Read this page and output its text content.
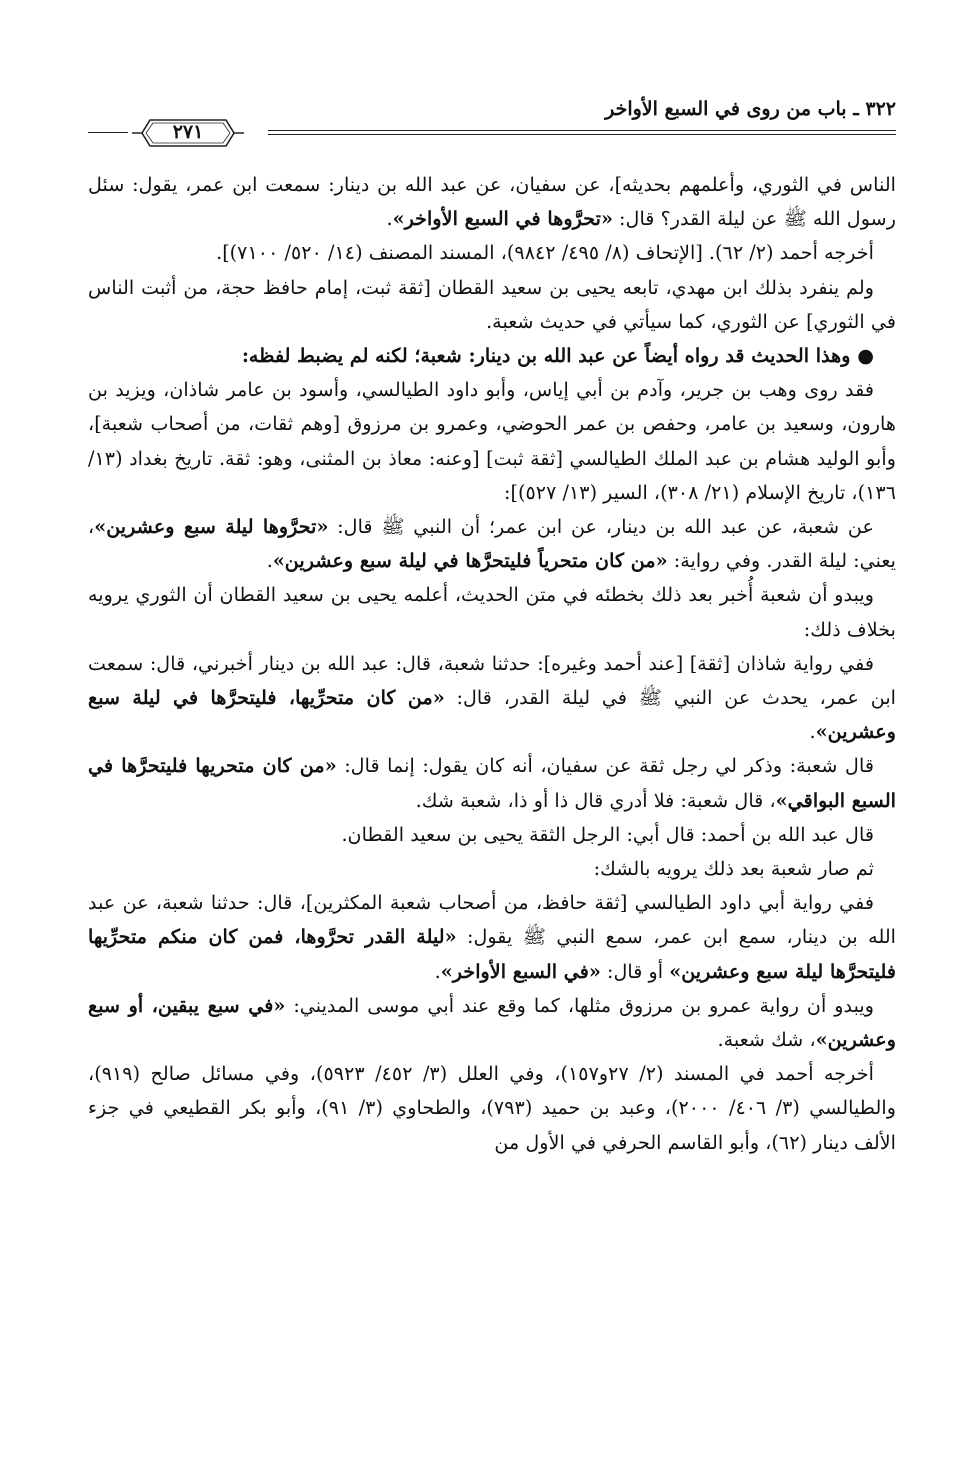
٣٢٢ ـ باب من روى في السبع الأواخر
٢٧١

الناس في الثوري، وأعلمهم بحديثه]، عن سفيان، عن عبد الله بن دينار: سمعت ابن عمر، يقول: سئل رسول الله ﷺ عن ليلة القدر؟ قال: «تحرَّوها في السبع الأواخر».

أخرجه أحمد (٢/ ٦٢). [الإتحاف (٨/ ٤٩٥/ ٩٨٤٢)، المسند المصنف (١٤/ ٥٢٠/ ٧١٠٠)].

ولم ينفرد بذلك ابن مهدي، تابعه يحيى بن سعيد القطان [ثقة ثبت، إمام حافظ حجة، من أثبت الناس في الثوري] عن الثوري، كما سيأتي في حديث شعبة.

● وهذا الحديث قد رواه أيضاً عن عبد الله بن دينار: شعبة؛ لكنه لم يضبط لفظه:

فقد روى وهب بن جرير، وآدم بن أبي إياس، وأبو داود الطيالسي، وأسود بن عامر شاذان، ويزيد بن هارون، وسعيد بن عامر، وحفص بن عمر الحوضي، وعمرو بن مرزوق [وهم ثقات، من أصحاب شعبة]، وأبو الوليد هشام بن عبد الملك الطيالسي [ثقة ثبت] [وعنه: معاذ بن المثنى، وهو: ثقة. تاريخ بغداد (١٣/ ١٣٦)، تاريخ الإسلام (٢١/ ٣٠٨)، السير (١٣/ ٥٢٧)]:

عن شعبة، عن عبد الله بن دينار، عن ابن عمر؛ أن النبي ﷺ قال: «تحرَّوها ليلة سبع وعشرين»، يعني: ليلة القدر. وفي رواية: «من كان متحرياً فليتحرَّها في ليلة سبع وعشرين».

ويبدو أن شعبة أُخبر بعد ذلك بخطئه في متن الحديث، أعلمه يحيى بن سعيد القطان أن الثوري يرويه بخلاف ذلك:

ففي رواية شاذان [ثقة] [عند أحمد وغيره]: حدثنا شعبة، قال: عبد الله بن دينار أخبرني، قال: سمعت ابن عمر، يحدث عن النبي ﷺ في ليلة القدر، قال: «من كان متحرِّيها، فليتحرَّها في ليلة سبع وعشرين».

قال شعبة: وذكر لي رجل ثقة عن سفيان، أنه كان يقول: إنما قال: «من كان متحريها فليتحرَّها في السبع البواقي»، قال شعبة: فلا أدري قال ذا أو ذا، شعبة شك.

قال عبد الله بن أحمد: قال أبي: الرجل الثقة يحيى بن سعيد القطان.

ثم صار شعبة بعد ذلك يرويه بالشك:

ففي رواية أبي داود الطيالسي [ثقة حافظ، من أصحاب شعبة المكثرين]، قال: حدثنا شعبة، عن عبد الله بن دينار، سمع ابن عمر، سمع النبي ﷺ يقول: «ليلة القدر تحرَّوها، فمن كان منكم متحرِّيها فليتحرَّها ليلة سبع وعشرين» أو قال: «في السبع الأواخر».

ويبدو أن رواية عمرو بن مرزوق مثلها، كما وقع عند أبي موسى المديني: «في سبع يبقين، أو سبع وعشرين»، شك شعبة.

أخرجه أحمد في المسند (٢/ ٢٧و١٥٧)، وفي العلل (٣/ ٤٥٢/ ٥٩٢٣)، وفي مسائل صالح (٩١٩)، والطيالسي (٣/ ٤٠٦/ ٢٠٠٠)، وعبد بن حميد (٧٩٣)، والطحاوي (٣/ ٩١)، وأبو بكر القطيعي في جزء الألف دينار (٦٢)، وأبو القاسم الحرفي في الأول من
